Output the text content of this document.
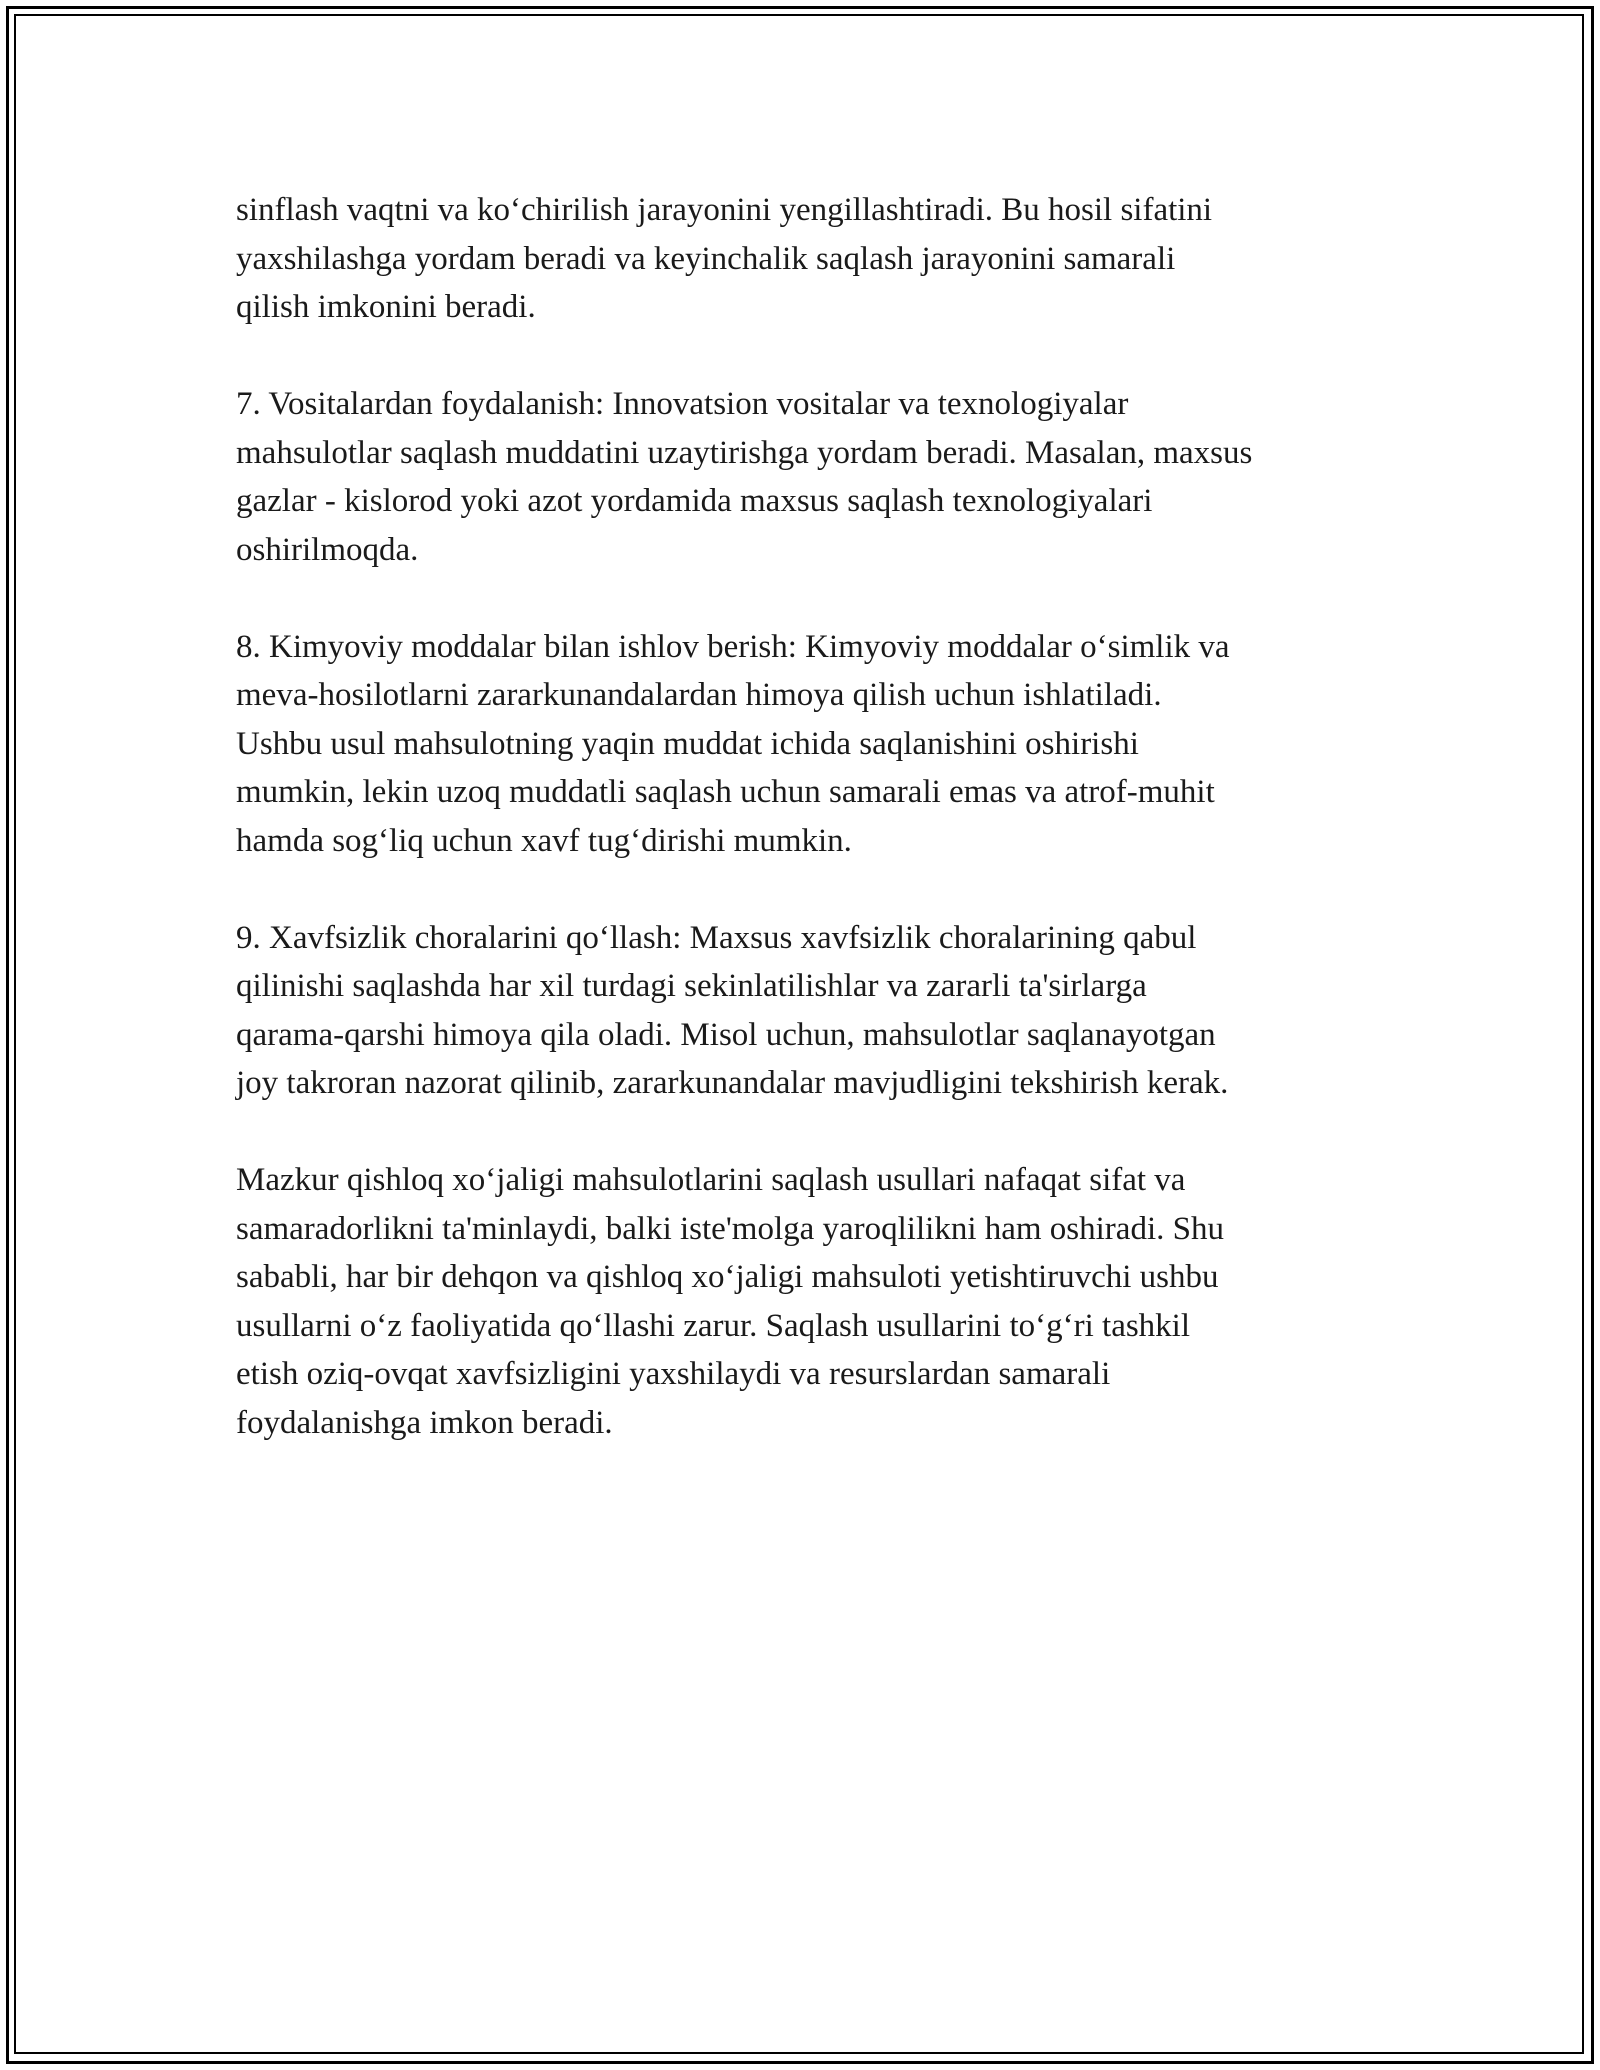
sinflash vaqtni va ko‘chirilish jarayonini yengillashtiradi. Bu hosil sifatini
yaxshilashga yordam beradi va keyinchalik saqlash jarayonini samarali
qilish imkonini beradi.

7. Vositalardan foydalanish: Innovatsion vositalar va texnologiyalar
mahsulotlar saqlash muddatini uzaytirishga yordam beradi. Masalan, maxsus
gazlar - kislorod yoki azot yordamida maxsus saqlash texnologiyalari
oshirilmoqda.

8. Kimyoviy moddalar bilan ishlov berish: Kimyoviy moddalar o‘simlik va
meva-hosilotlarni zararkunandalardan himoya qilish uchun ishlatiladi.
Ushbu usul mahsulotning yaqin muddat ichida saqlanishini oshirishi
mumkin, lekin uzoq muddatli saqlash uchun samarali emas va atrof-muhit
hamda sog‘liq uchun xavf tug‘dirishi mumkin.

9. Xavfsizlik choralarini qo‘llash: Maxsus xavfsizlik choralarining qabul
qilinishi saqlashda har xil turdagi sekinlatilishlar va zararli ta'sirlarga
qarama-qarshi himoya qila oladi. Misol uchun, mahsulotlar saqlanayotgan
joy takroran nazorat qilinib, zararkunandalar mavjudligini tekshirish kerak.

Mazkur qishloq xo‘jaligi mahsulotlarini saqlash usullari nafaqat sifat va
samaradorlikni ta'minlaydi, balki iste'molga yaroqlilikni ham oshiradi. Shu
sababli, har bir dehqon va qishloq xo‘jaligi mahsuloti yetishtiruvchi ushbu
usullarni o‘z faoliyatida qo‘llashi zarur. Saqlash usullarini to‘g‘ri tashkil
etish oziq-ovqat xavfsizligini yaxshilaydi va resurslardan samarali
foydalanishga imkon beradi.
